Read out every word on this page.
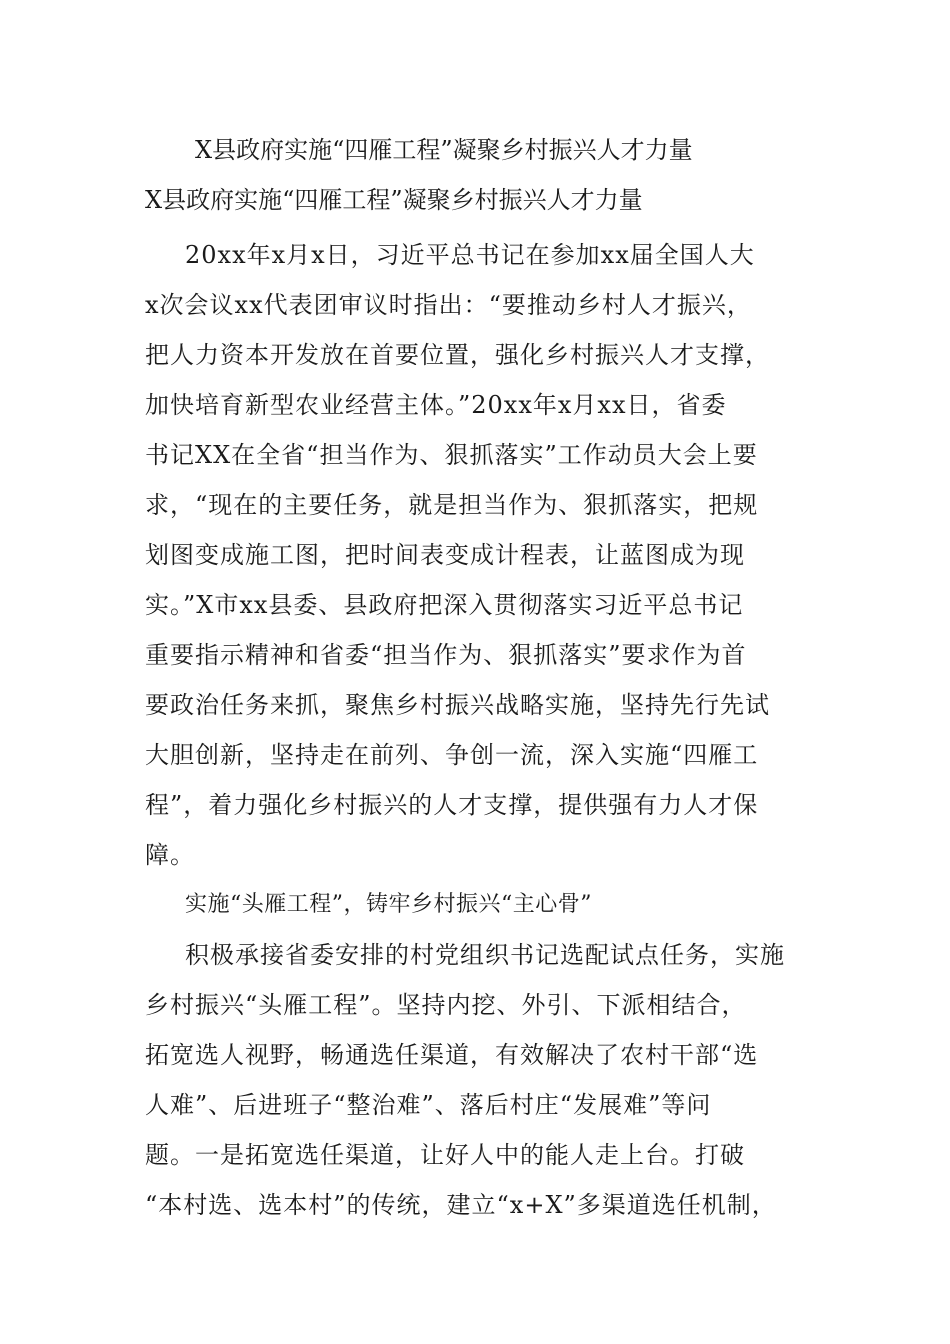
X县政府实施“四雁工程”凝聚乡村振兴人才力量
X县政府实施“四雁工程”凝聚乡村振兴人才力量
20xx年x月x日，习近平总书记在参加xx届全国人大
x次会议xx代表团审议时指出：“要推动乡村人才振兴，
把人力资本开发放在首要位置，强化乡村振兴人才支撑，
加快培育新型农业经营主体。”20xx年x月xx日，省委
书记XX在全省“担当作为、狠抓落实”工作动员大会上要
求，“现在的主要任务，就是担当作为、狠抓落实，把规
划图变成施工图，把时间表变成计程表，让蓝图成为现
实。”X市xx县委、县政府把深入贯彻落实习近平总书记
重要指示精神和省委“担当作为、狠抓落实”要求作为首
要政治任务来抓，聚焦乡村振兴战略实施，坚持先行先试
大胆创新，坚持走在前列、争创一流，深入实施“四雁工
程”，着力强化乡村振兴的人才支撑，提供强有力人才保
障。
实施“头雁工程”，铸牢乡村振兴“主心骨”
积极承接省委安排的村党组织书记选配试点任务，实施
乡村振兴“头雁工程”。坚持内挖、外引、下派相结合，
拓宽选人视野，畅通选任渠道，有效解决了农村干部“选
人难”、后进班子“整治难”、落后村庄“发展难”等问
题。一是拓宽选任渠道，让好人中的能人走上台。打破
“本村选、选本村”的传统，建立“x+X”多渠道选任机制，
